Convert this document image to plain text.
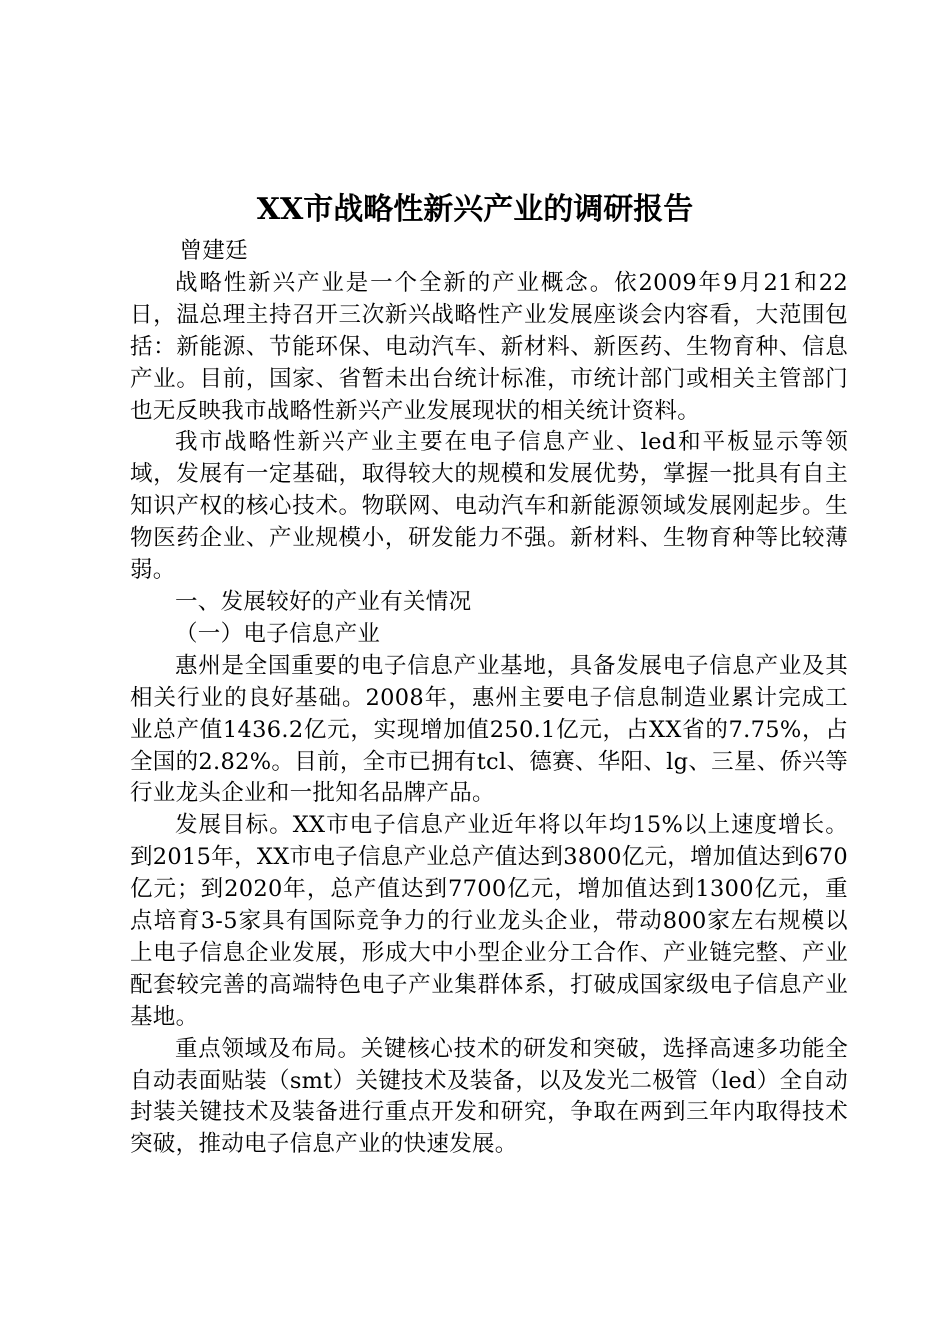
XX市战略性新兴产业的调研报告

曾建廷

战略性新兴产业是一个全新的产业概念。依2009年9月21和22日，温总理主持召开三次新兴战略性产业发展座谈会内容看，大范围包括：新能源、节能环保、电动汽车、新材料、新医药、生物育种、信息产业。目前，国家、省暂未出台统计标准，市统计部门或相关主管部门也无反映我市战略性新兴产业发展现状的相关统计资料。

我市战略性新兴产业主要在电子信息产业、led和平板显示等领域，发展有一定基础，取得较大的规模和发展优势，掌握一批具有自主知识产权的核心技术。物联网、电动汽车和新能源领域发展刚起步。生物医药企业、产业规模小，研发能力不强。新材料、生物育种等比较薄弱。

一、发展较好的产业有关情况

（一）电子信息产业

惠州是全国重要的电子信息产业基地，具备发展电子信息产业及其相关行业的良好基础。2008年，惠州主要电子信息制造业累计完成工业总产值1436.2亿元，实现增加值250.1亿元，占XX省的7.75%，占全国的2.82%。目前，全市已拥有tcl、德赛、华阳、lg、三星、侨兴等行业龙头企业和一批知名品牌产品。

发展目标。XX市电子信息产业近年将以年均15%以上速度增长。到2015年，XX市电子信息产业总产值达到3800亿元，增加值达到670亿元；到2020年，总产值达到7700亿元，增加值达到1300亿元，重点培育3-5家具有国际竞争力的行业龙头企业，带动800家左右规模以上电子信息企业发展，形成大中小型企业分工合作、产业链完整、产业配套较完善的高端特色电子产业集群体系，打破成国家级电子信息产业基地。

重点领域及布局。关键核心技术的研发和突破，选择高速多功能全自动表面贴装（smt）关键技术及装备，以及发光二极管（led）全自动封装关键技术及装备进行重点开发和研究，争取在两到三年内取得技术突破，推动电子信息产业的快速发展。
